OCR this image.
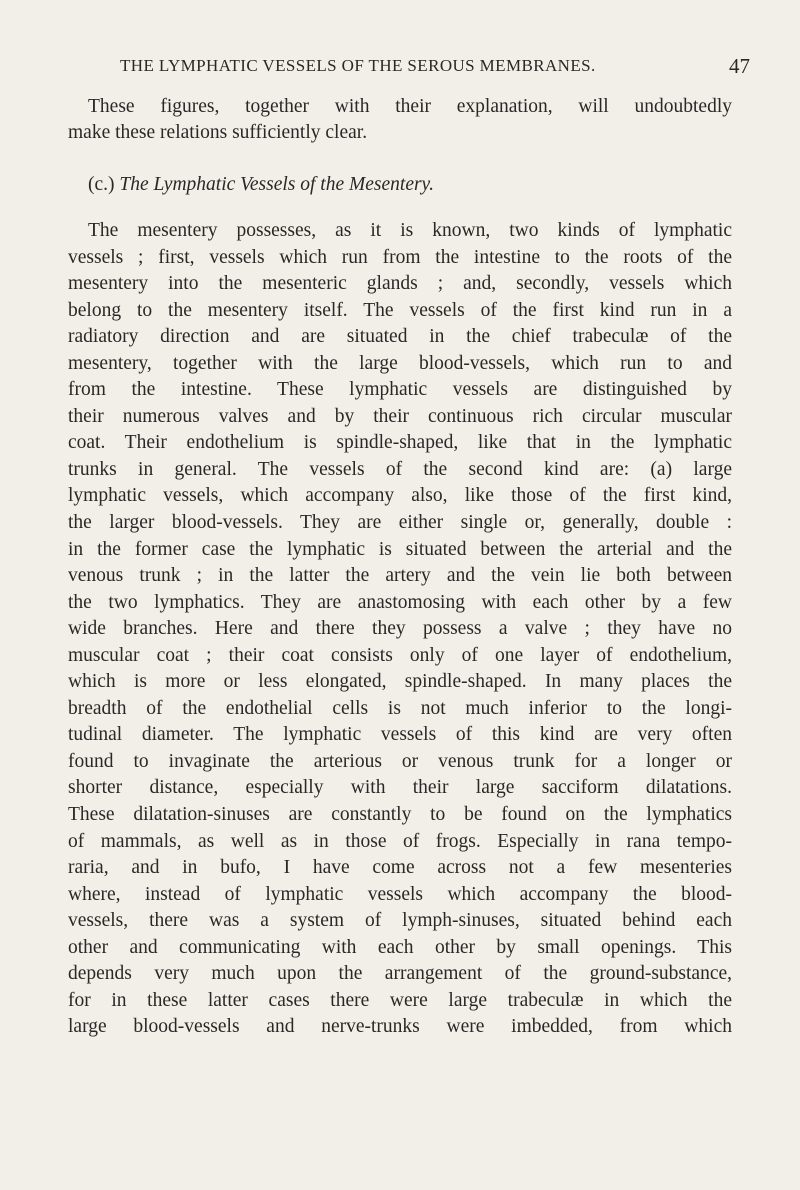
THE LYMPHATIC VESSELS OF THE SEROUS MEMBRANES.	47
These figures, together with their explanation, will undoubtedly
make these relations sufficiently clear.
(c.) The Lymphatic Vessels of the Mesentery.
The mesentery possesses, as it is known, two kinds of lymphatic
vessels ; first, vessels which run from the intestine to the roots of the
mesentery into the mesenteric glands ; and, secondly, vessels which
belong to the mesentery itself. The vessels of the first kind run in a
radiatory direction and are situated in the chief trabeculæ of the
mesentery, together with the large blood-vessels, which run to and
from the intestine. These lymphatic vessels are distinguished by
their numerous valves and by their continuous rich circular muscular
coat. Their endothelium is spindle-shaped, like that in the lymphatic
trunks in general. The vessels of the second kind are: (a) large
lymphatic vessels, which accompany also, like those of the first kind,
the larger blood-vessels. They are either single or, generally, double :
in the former case the lymphatic is situated between the arterial and the
venous trunk ; in the latter the artery and the vein lie both between
the two lymphatics. They are anastomosing with each other by a few
wide branches. Here and there they possess a valve ; they have no
muscular coat ; their coat consists only of one layer of endothelium,
which is more or less elongated, spindle-shaped. In many places the
breadth of the endothelial cells is not much inferior to the longi-
tudinal diameter. The lymphatic vessels of this kind are very often
found to invaginate the arterious or venous trunk for a longer or
shorter distance, especially with their large sacciform dilatations.
These dilatation-sinuses are constantly to be found on the lymphatics
of mammals, as well as in those of frogs. Especially in rana tempo-
raria, and in bufo, I have come across not a few mesenteries
where, instead of lymphatic vessels which accompany the blood-
vessels, there was a system of lymph-sinuses, situated behind each
other and communicating with each other by small openings. This
depends very much upon the arrangement of the ground-substance,
for in these latter cases there were large trabeculæ in which the
large blood-vessels and nerve-trunks were imbedded, from which
